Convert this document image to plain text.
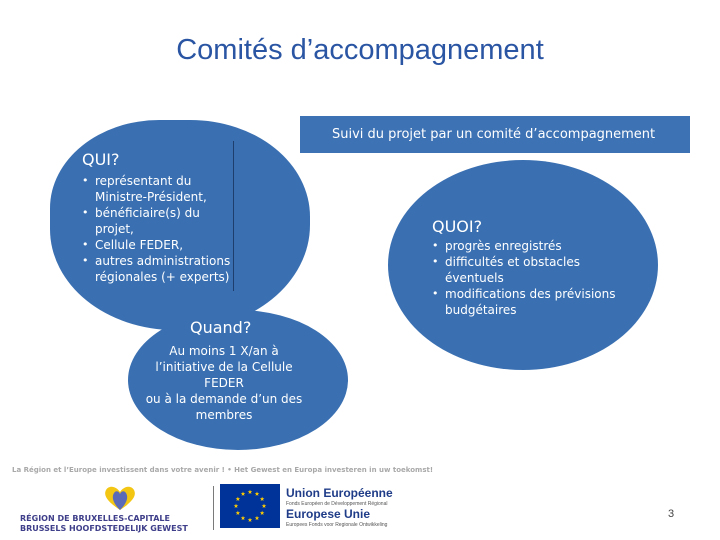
Comités d’accompagnement
Suivi du projet par un comité d’accompagnement
QUI?
• représentant du Ministre-Président,
• bénéficiaire(s) du projet,
• Cellule FEDER,
• autres administrations régionales (+ experts)
QUOI?
• progrès enregistrés
• difficultés et obstacles éventuels
• modifications des prévisions budgétaires
Quand?
Au moins 1 X/an à
l’initiative de la Cellule
FEDER
ou à la demande d’un des
membres
La Région et l’Europe investissent dans votre avenir ! • Het Gewest en Europa investeren in uw toekomst!
RÉGION DE BRUXELLES-CAPITALE
BRUSSELS HOOFDSTEDELIJK GEWEST
Union Européenne
Fonds Européen de Développement Régional
Europese Unie
Europees Fonds voor Regionale Ontwikkeling
3
